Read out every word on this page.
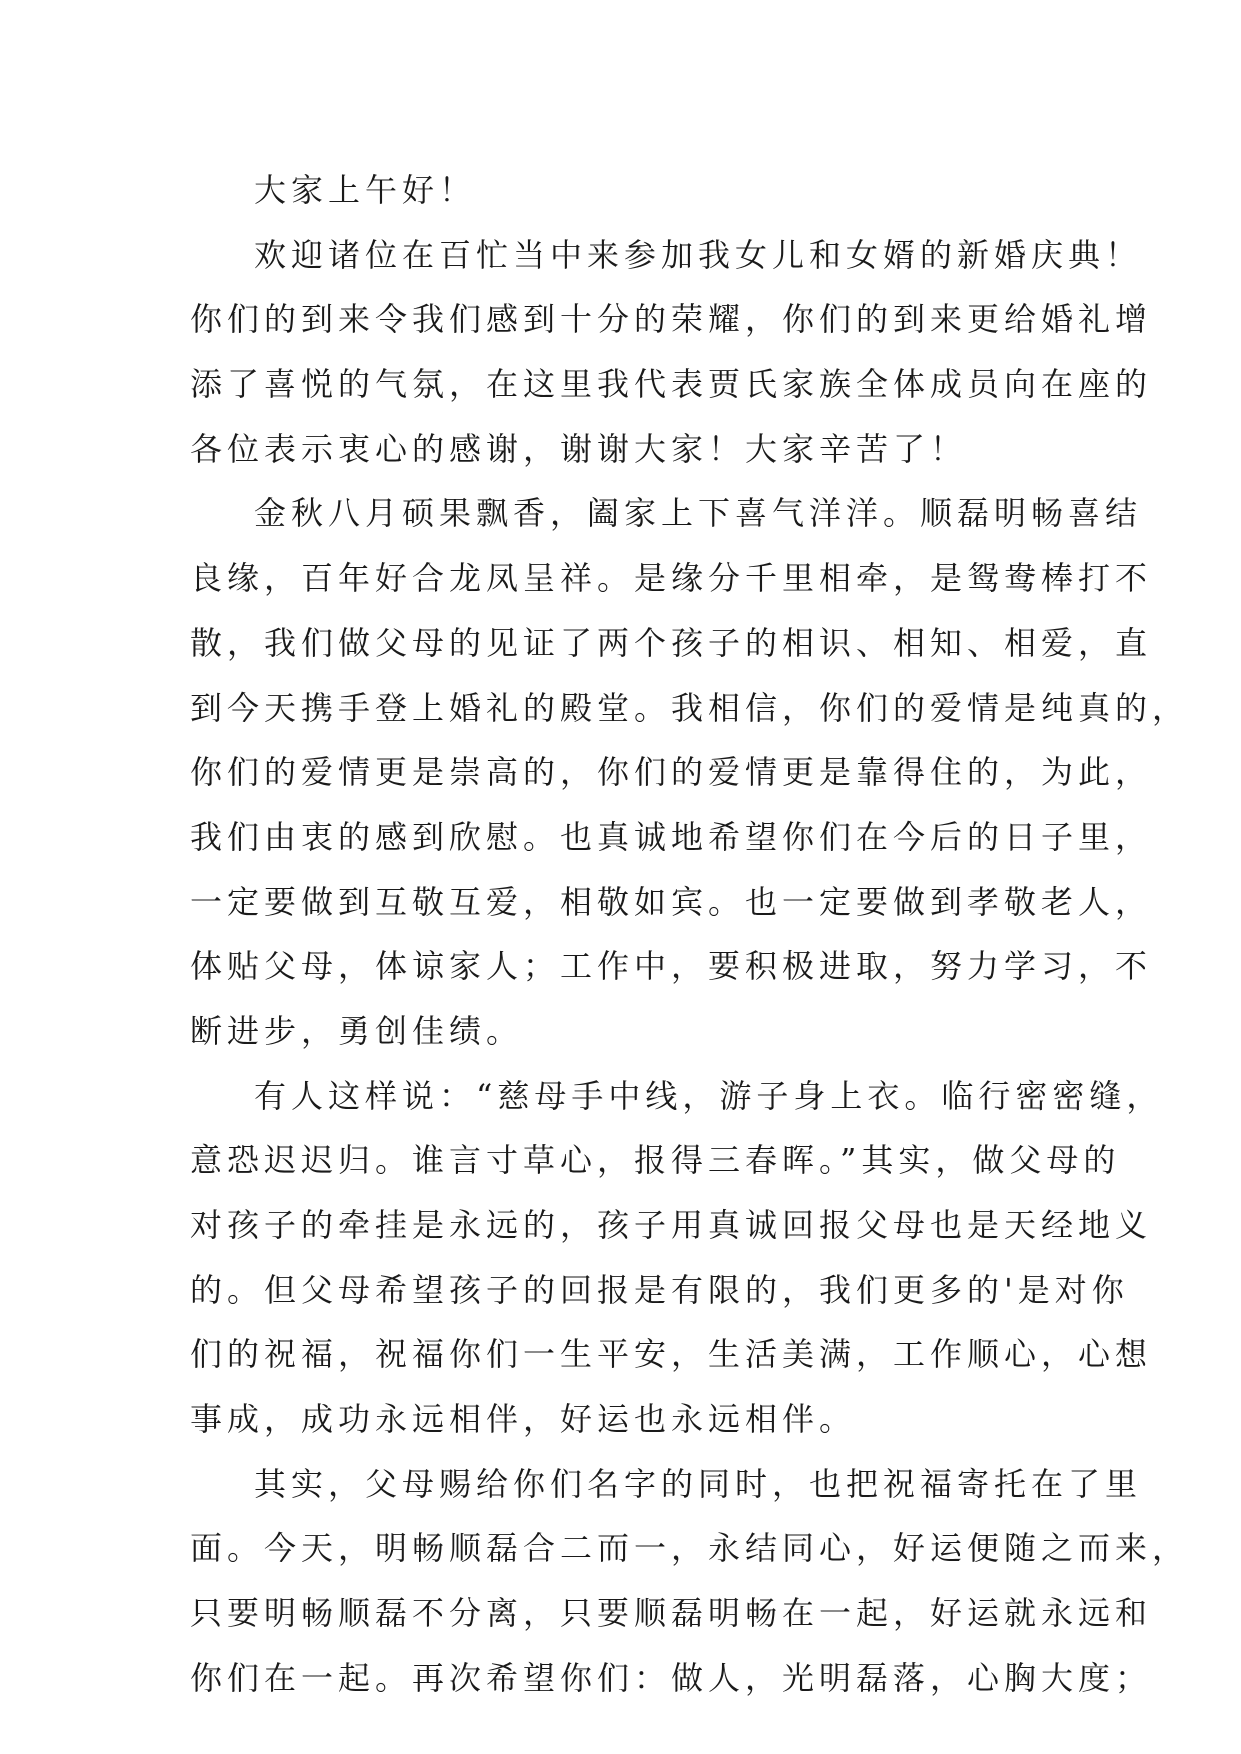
大家上午好！
欢迎诸位在百忙当中来参加我女儿和女婿的新婚庆典！
你们的到来令我们感到十分的荣耀，你们的到来更给婚礼增
添了喜悦的气氛，在这里我代表贾氏家族全体成员向在座的
各位表示衷心的感谢，谢谢大家！大家辛苦了！
金秋八月硕果飘香，阖家上下喜气洋洋。顺磊明畅喜结
良缘，百年好合龙凤呈祥。是缘分千里相牵，是鸳鸯棒打不
散，我们做父母的见证了两个孩子的相识、相知、相爱，直
到今天携手登上婚礼的殿堂。我相信，你们的爱情是纯真的，
你们的爱情更是崇高的，你们的爱情更是靠得住的，为此，
我们由衷的感到欣慰。也真诚地希望你们在今后的日子里，
一定要做到互敬互爱，相敬如宾。也一定要做到孝敬老人，
体贴父母，体谅家人；工作中，要积极进取，努力学习，不
断进步，勇创佳绩。
有人这样说：“慈母手中线，游子身上衣。临行密密缝，
意恐迟迟归。谁言寸草心，报得三春晖。”其实，做父母的
对孩子的牵挂是永远的，孩子用真诚回报父母也是天经地义
的。但父母希望孩子的回报是有限的，我们更多的'是对你
们的祝福，祝福你们一生平安，生活美满，工作顺心，心想
事成，成功永远相伴，好运也永远相伴。
其实，父母赐给你们名字的同时，也把祝福寄托在了里
面。今天，明畅顺磊合二而一，永结同心，好运便随之而来，
只要明畅顺磊不分离，只要顺磊明畅在一起，好运就永远和
你们在一起。再次希望你们：做人，光明磊落，心胸大度；
